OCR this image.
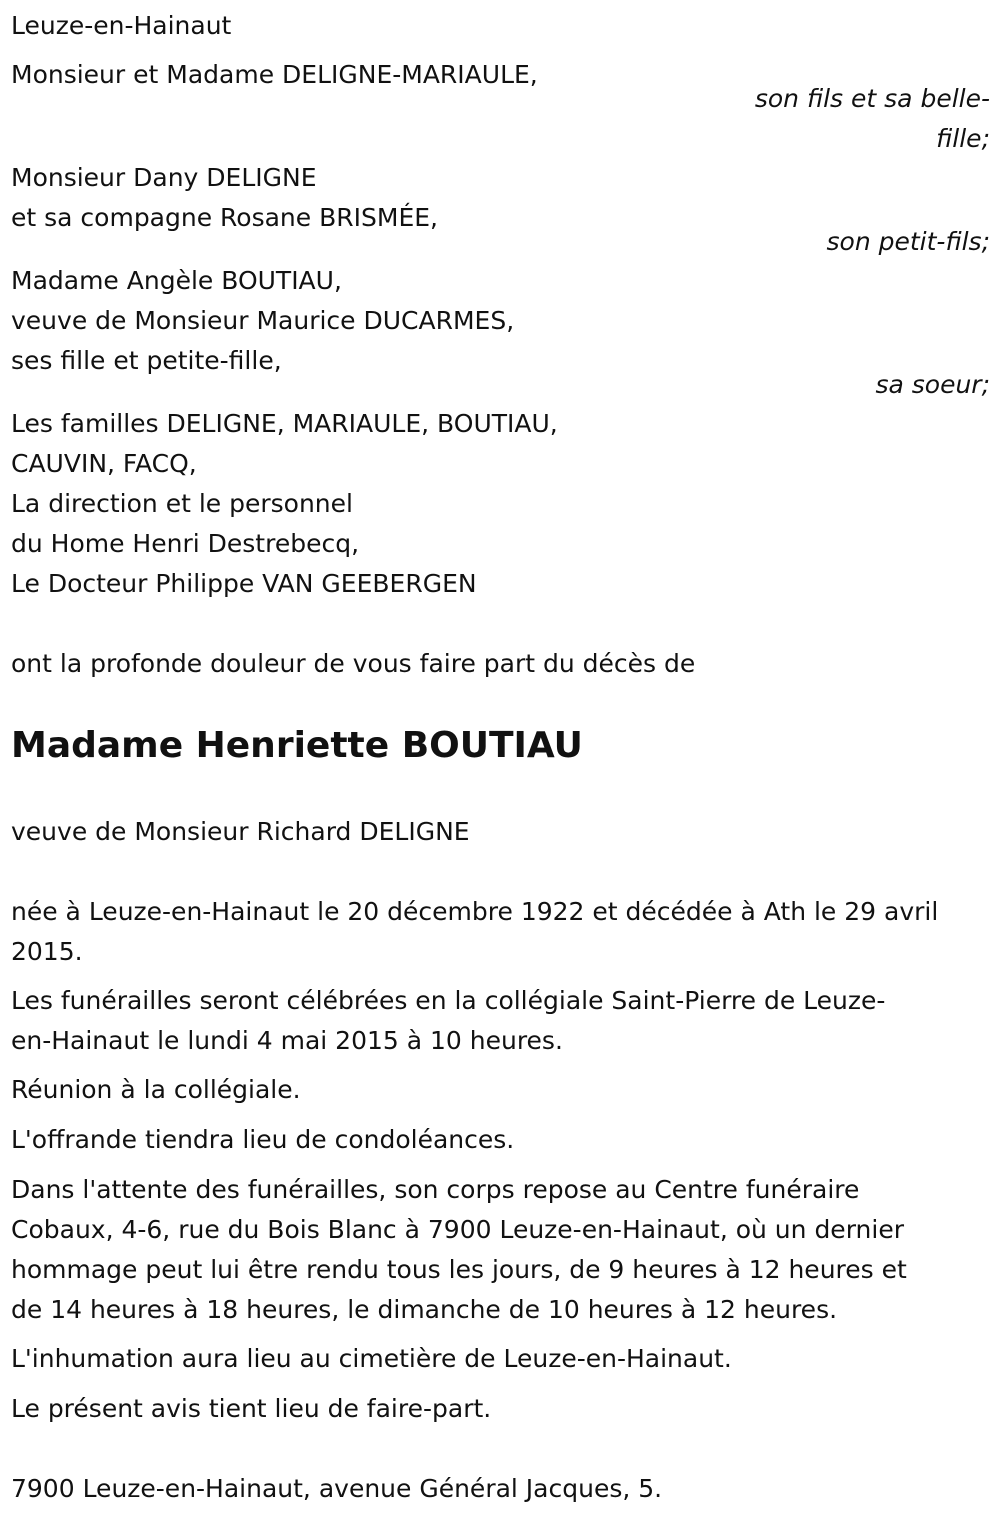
Leuze-en-Hainaut
Monsieur et Madame DELIGNE-MARIAULE,
son fils et sa belle-
fille;
Monsieur Dany DELIGNE
et sa compagne Rosane BRISMÉE,
son petit-fils;
Madame Angèle BOUTIAU,
veuve de Monsieur Maurice DUCARMES,
ses fille et petite-fille,
sa soeur;
Les familles DELIGNE, MARIAULE, BOUTIAU,
CAUVIN, FACQ,
La direction et le personnel
du Home Henri Destrebecq,
Le Docteur Philippe VAN GEEBERGEN
ont la profonde douleur de vous faire part du décès de
Madame Henriette BOUTIAU
veuve de Monsieur Richard DELIGNE
née à Leuze-en-Hainaut le 20 décembre 1922 et décédée à Ath le 29 avril
2015.
Les funérailles seront célébrées en la collégiale Saint-Pierre de Leuze-
en-Hainaut le lundi 4 mai 2015 à 10 heures.
Réunion à la collégiale.
L'offrande tiendra lieu de condoléances.
Dans l'attente des funérailles, son corps repose au Centre funéraire
Cobaux, 4-6, rue du Bois Blanc à 7900 Leuze-en-Hainaut, où un dernier
hommage peut lui être rendu tous les jours, de 9 heures à 12 heures et
de 14 heures à 18 heures, le dimanche de 10 heures à 12 heures.
L'inhumation aura lieu au cimetière de Leuze-en-Hainaut.
Le présent avis tient lieu de faire-part.
7900 Leuze-en-Hainaut, avenue Général Jacques, 5.
